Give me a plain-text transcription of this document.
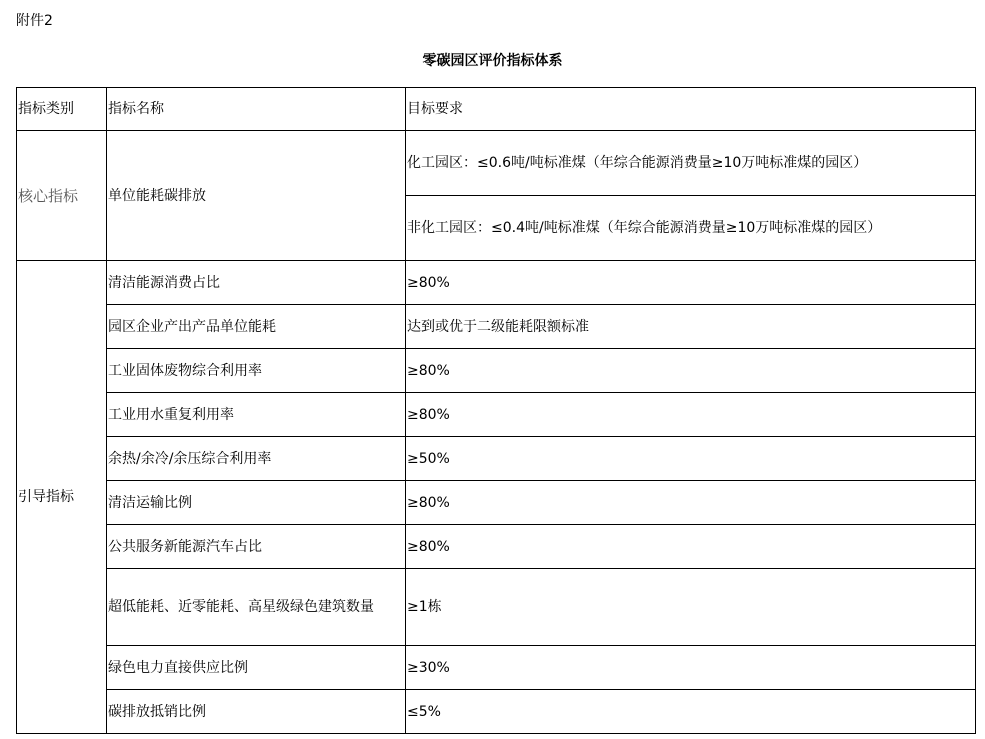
附件2
零碳园区评价指标体系
指标类别	指标名称	目标要求
核心指标	单位能耗碳排放	化工园区：≤0.6吨/吨标准煤（年综合能源消费量≥10万吨标准煤的园区）
		非化工园区：≤0.4吨/吨标准煤（年综合能源消费量≥10万吨标准煤的园区）
引导指标	清洁能源消费占比	≥80%
	园区企业产出产品单位能耗	达到或优于二级能耗限额标准
	工业固体废物综合利用率	≥80%
	工业用水重复利用率	≥80%
	余热/余冷/余压综合利用率	≥50%
	清洁运输比例	≥80%
	公共服务新能源汽车占比	≥80%
	超低能耗、近零能耗、高星级绿色建筑数量	≥1栋
	绿色电力直接供应比例	≥30%
	碳排放抵销比例	≤5%
